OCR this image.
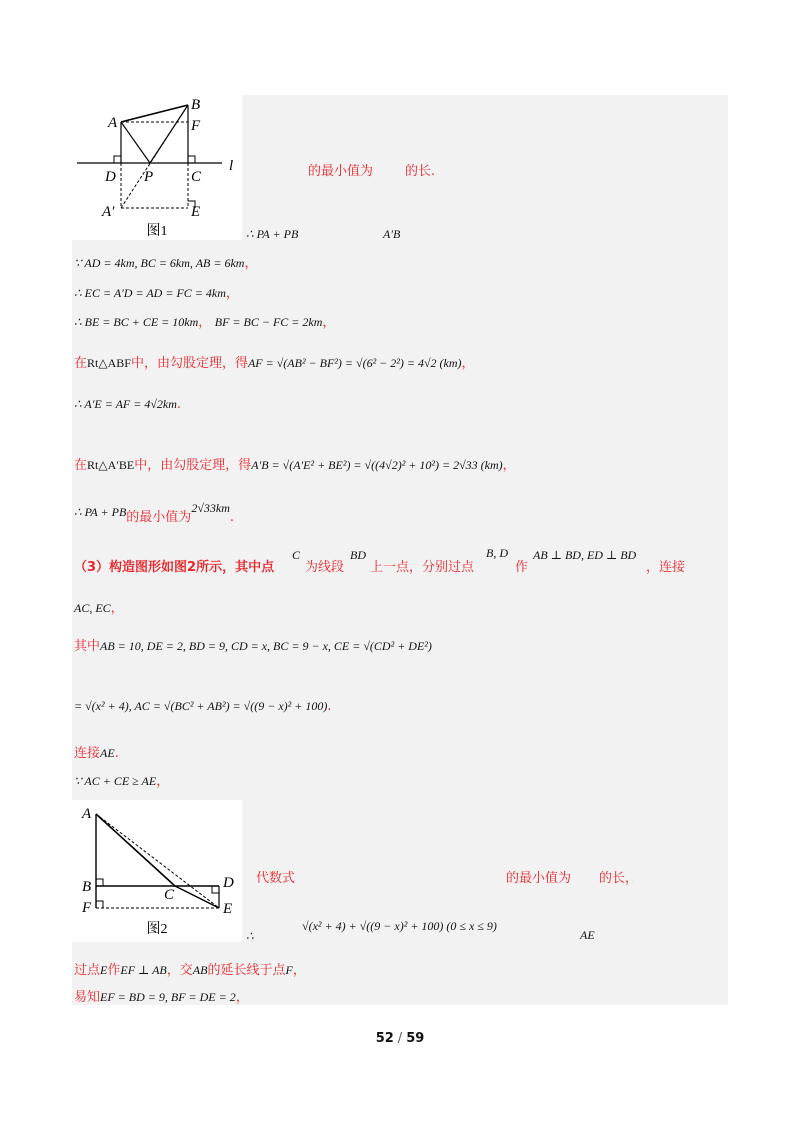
A
B
F
D P	C
l
A′	E
图1
的最小值为 的长.
∴ PA + PB	A′B
∵ AD = 4km, BC = 6km, AB = 6km，
∴ EC = A′D = AD = FC = 4km，
∴ BE = BC + CE = 10km， BF = BC − FC = 2km，
在Rt△ABF中，由勾股定理，得AF = √(AB² − BF²) = √(6² − 2²) = 4√2 (km)，
∴ A′E = AF = 4√2km.
在Rt△A′BE中，由勾股定理，得A′B = √(A′E² + BE²) = √((4√2)² + 10²) = 2√33 (km)，
∴ PA + PB的最小值为2√33km.
（3）构造图形如图2所示，其中点
C
为线段
BD
上一点，分别过点
B, D
作
AB ⊥ BD, ED ⊥ BD
，连接
AC, EC，
其中AB = 10, DE = 2, BD = 9, CD = x, BC = 9 − x, CE = √(CD² + DE²)
= √(x² + 4), AC = √(BC² + AB²) = √((9 − x)² + 100).
连接AE.
∵ AC + CE ≥ AE，
A
B	C
D
F	E
图2
代数式	的最小值为 的长，
∴
√(x² + 4) + √((9 − x)² + 100) (0 ≤ x ≤ 9)
AE
过点E作EF ⊥ AB，交AB的延长线于点F，
易知EF = BD = 9, BF = DE = 2，
52 / 59
